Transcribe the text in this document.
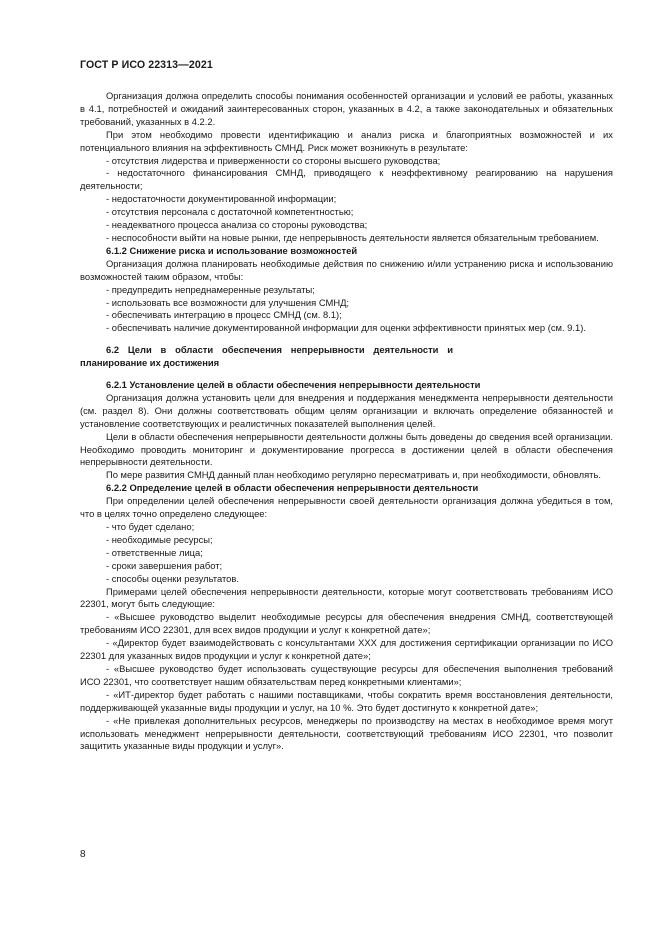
ГОСТ Р ИСО 22313—2021

Организация должна определить способы понимания особенностей организации и условий ее работы, указанных в 4.1, потребностей и ожиданий заинтересованных сторон, указанных в 4.2, а также законодательных и обязательных требований, указанных в 4.2.2.

При этом необходимо провести идентификацию и анализ риска и благоприятных возможностей и их потенциального влияния на эффективность СМНД. Риск может возникнуть в результате:

- отсутствия лидерства и приверженности со стороны высшего руководства;

- недостаточного финансирования СМНД, приводящего к неэффективному реагированию на нарушения деятельности;

- недостаточности документированной информации;

- отсутствия персонала с достаточной компетентностью;

- неадекватного процесса анализа со стороны руководства;

- неспособности выйти на новые рынки, где непрерывность деятельности является обязательным требованием.

6.1.2 Снижение риска и использование возможностей

Организация должна планировать необходимые действия по снижению и/или устранению риска и использованию возможностей таким образом, чтобы:

- предупредить непреднамеренные результаты;

- использовать все возможности для улучшения СМНД;

- обеспечивать интеграцию в процесс СМНД (см. 8.1);

- обеспечивать наличие документированной информации для оценки эффективности принятых мер (см. 9.1).

6.2 Цели в области обеспечения непрерывности деятельности и планирование их достижения

6.2.1 Установление целей в области обеспечения непрерывности деятельности

Организация должна установить цели для внедрения и поддержания менеджмента непрерывности деятельности (см. раздел 8). Они должны соответствовать общим целям организации и включать определение обязанностей и установление соответствующих и реалистичных показателей выполнения целей.

Цели в области обеспечения непрерывности деятельности должны быть доведены до сведения всей организации. Необходимо проводить мониторинг и документирование прогресса в достижении целей в области обеспечения непрерывности деятельности.

По мере развития СМНД данный план необходимо регулярно пересматривать и, при необходимости, обновлять.

6.2.2 Определение целей в области обеспечения непрерывности деятельности

При определении целей обеспечения непрерывности своей деятельности организация должна убедиться в том, что в целях точно определено следующее:

- что будет сделано;

- необходимые ресурсы;

- ответственные лица;

- сроки завершения работ;

- способы оценки результатов.

Примерами целей обеспечения непрерывности деятельности, которые могут соответствовать требованиям ИСО 22301, могут быть следующие:

- «Высшее руководство выделит необходимые ресурсы для обеспечения внедрения СМНД, соответствующей требованиям ИСО 22301, для всех видов продукции и услуг к конкретной дате»;

- «Директор будет взаимодействовать с консультантами ХХХ для достижения сертификации организации по ИСО 22301 для указанных видов продукции и услуг к конкретной дате»;

- «Высшее руководство будет использовать существующие ресурсы для обеспечения выполнения требований ИСО 22301, что соответствует нашим обязательствам перед конкретными клиентами»;

- «ИТ-директор будет работать с нашими поставщиками, чтобы сократить время восстановления деятельности, поддерживающей указанные виды продукции и услуг, на 10 %. Это будет достигнуто к конкретной дате»;

- «Не привлекая дополнительных ресурсов, менеджеры по производству на местах в необходимое время могут использовать менеджмент непрерывности деятельности, соответствующий требованиям ИСО 22301, что позволит защитить указанные виды продукции и услуг».

8
